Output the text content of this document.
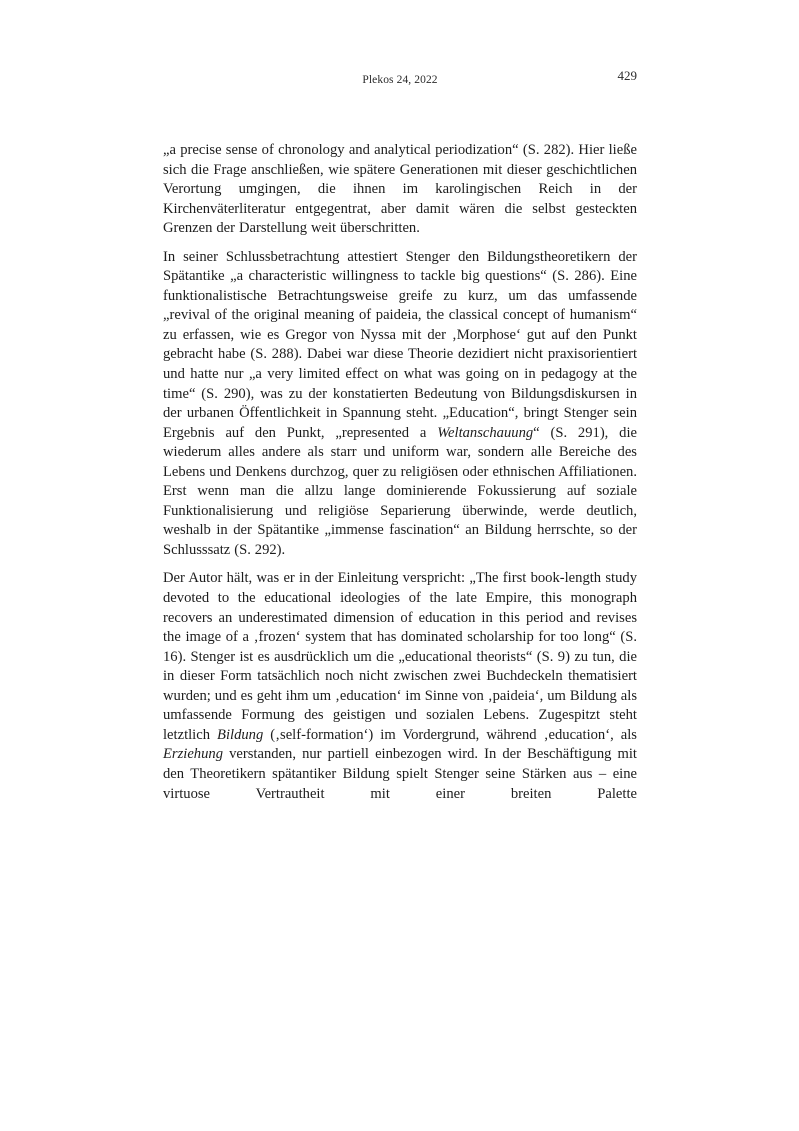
Plekos 24, 2022	429

„a precise sense of chronology and analytical periodization“ (S. 282). Hier ließe sich die Frage anschließen, wie spätere Generationen mit dieser geschichtlichen Verortung umgingen, die ihnen im karolingischen Reich in der Kirchenväterliteratur entgegentrat, aber damit wären die selbst gesteckten Grenzen der Darstellung weit überschritten.

In seiner Schlussbetrachtung attestiert Stenger den Bildungstheoretikern der Spätantike „a characteristic willingness to tackle big questions“ (S. 286). Eine funktionalistische Betrachtungsweise greife zu kurz, um das umfassende „revival of the original meaning of paideia, the classical concept of humanism“ zu erfassen, wie es Gregor von Nyssa mit der ‚Morphose‘ gut auf den Punkt gebracht habe (S. 288). Dabei war diese Theorie dezidiert nicht praxisorientiert und hatte nur „a very limited effect on what was going on in pedagogy at the time“ (S. 290), was zu der konstatierten Bedeutung von Bildungsdiskursen in der urbanen Öffentlichkeit in Spannung steht. „Education“, bringt Stenger sein Ergebnis auf den Punkt, „represented a Weltanschauung“ (S. 291), die wiederum alles andere als starr und uniform war, sondern alle Bereiche des Lebens und Denkens durchzog, quer zu religiösen oder ethnischen Affiliationen. Erst wenn man die allzu lange dominierende Fokussierung auf soziale Funktionalisierung und religiöse Separierung überwinde, werde deutlich, weshalb in der Spätantike „immense fascination“ an Bildung herrschte, so der Schlusssatz (S. 292).

Der Autor hält, was er in der Einleitung verspricht: „The first book-length study devoted to the educational ideologies of the late Empire, this monograph recovers an underestimated dimension of education in this period and revises the image of a ‚frozen‘ system that has dominated scholarship for too long“ (S. 16). Stenger ist es ausdrücklich um die „educational theorists“ (S. 9) zu tun, die in dieser Form tatsächlich noch nicht zwischen zwei Buchdeckeln thematisiert wurden; und es geht ihm um ‚education‘ im Sinne von ‚paideia‘, um Bildung als umfassende Formung des geistigen und sozialen Lebens. Zugespitzt steht letztlich Bildung (‚self-formation‘) im Vordergrund, während ‚education‘, als Erziehung verstanden, nur partiell einbezogen wird. In der Beschäftigung mit den Theoretikern spätantiker Bildung spielt Stenger seine Stärken aus – eine virtuose Vertrautheit mit einer breiten Palette
